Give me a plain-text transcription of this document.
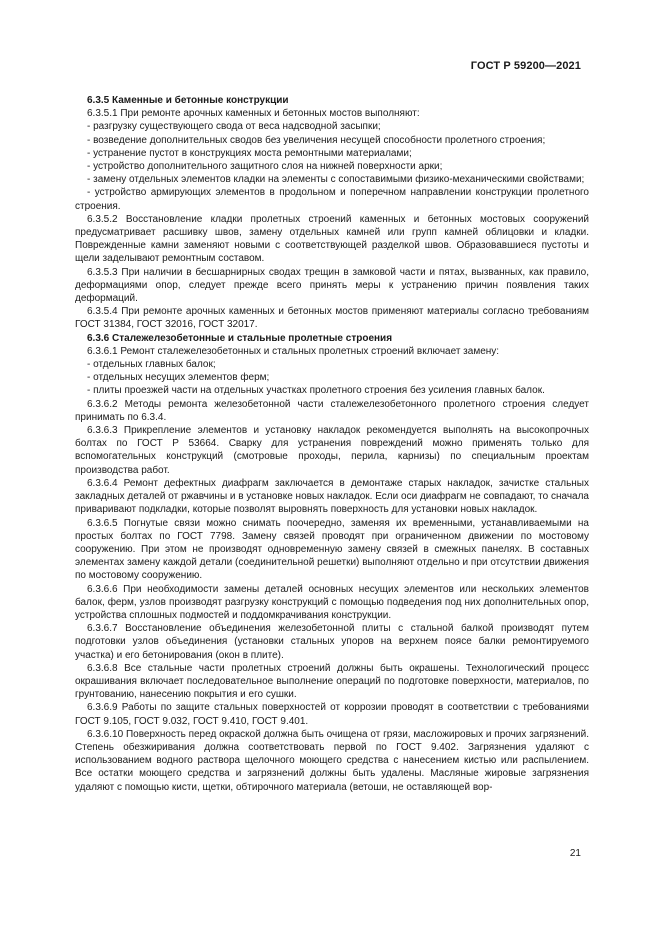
ГОСТ Р 59200—2021

6.3.5 Каменные и бетонные конструкции

6.3.5.1 При ремонте арочных каменных и бетонных мостов выполняют:

- разгрузку существующего свода от веса надсводной засыпки;

- возведение дополнительных сводов без увеличения несущей способности пролетного строения;

- устранение пустот в конструкциях моста ремонтными материалами;

- устройство дополнительного защитного слоя на нижней поверхности арки;

- замену отдельных элементов кладки на элементы с сопоставимыми физико-механическими свойствами;

- устройство армирующих элементов в продольном и поперечном направлении конструкции пролетного строения.

6.3.5.2 Восстановление кладки пролетных строений каменных и бетонных мостовых сооружений предусматривает расшивку швов, замену отдельных камней или групп камней облицовки и кладки. Поврежденные камни заменяют новыми с соответствующей разделкой швов. Образовавшиеся пустоты и щели заделывают ремонтным составом.

6.3.5.3 При наличии в бесшарнирных сводах трещин в замковой части и пятах, вызванных, как правило, деформациями опор, следует прежде всего принять меры к устранению причин появления таких деформаций.

6.3.5.4 При ремонте арочных каменных и бетонных мостов применяют материалы согласно требованиям ГОСТ 31384, ГОСТ 32016, ГОСТ 32017.

6.3.6 Сталежелезобетонные и стальные пролетные строения

6.3.6.1 Ремонт сталежелезобетонных и стальных пролетных строений включает замену:

- отдельных главных балок;

- отдельных несущих элементов ферм;

- плиты проезжей части на отдельных участках пролетного строения без усиления главных балок.

6.3.6.2 Методы ремонта железобетонной части сталежелезобетонного пролетного строения следует принимать по 6.3.4.

6.3.6.3 Прикрепление элементов и установку накладок рекомендуется выполнять на высокопрочных болтах по ГОСТ Р 53664. Сварку для устранения повреждений можно применять только для вспомогательных конструкций (смотровые проходы, перила, карнизы) по специальным проектам производства работ.

6.3.6.4 Ремонт дефектных диафрагм заключается в демонтаже старых накладок, зачистке стальных закладных деталей от ржавчины и в установке новых накладок. Если оси диафрагм не совпадают, то сначала приваривают подкладки, которые позволят выровнять поверхность для установки новых накладок.

6.3.6.5 Погнутые связи можно снимать поочередно, заменяя их временными, устанавливаемыми на простых болтах по ГОСТ 7798. Замену связей проводят при ограниченном движении по мостовому сооружению. При этом не производят одновременную замену связей в смежных панелях. В составных элементах замену каждой детали (соединительной решетки) выполняют отдельно и при отсутствии движения по мостовому сооружению.

6.3.6.6 При необходимости замены деталей основных несущих элементов или нескольких элементов балок, ферм, узлов производят разгрузку конструкций с помощью подведения под них дополнительных опор, устройства сплошных подмостей и поддомкрачивания конструкции.

6.3.6.7 Восстановление объединения железобетонной плиты с стальной балкой производят путем подготовки узлов объединения (установки стальных упоров на верхнем поясе балки ремонтируемого участка) и его бетонирования (окон в плите).

6.3.6.8 Все стальные части пролетных строений должны быть окрашены. Технологический процесс окрашивания включает последовательное выполнение операций по подготовке поверхности, материалов, по грунтованию, нанесению покрытия и его сушки.

6.3.6.9 Работы по защите стальных поверхностей от коррозии проводят в соответствии с требованиями ГОСТ 9.105, ГОСТ 9.032, ГОСТ 9.410, ГОСТ 9.401.

6.3.6.10 Поверхность перед окраской должна быть очищена от грязи, масложировых и прочих загрязнений. Степень обезжиривания должна соответствовать первой по ГОСТ 9.402. Загрязнения удаляют с использованием водного раствора щелочного моющего средства с нанесением кистью или распылением. Все остатки моющего средства и загрязнений должны быть удалены. Масляные жировые загрязнения удаляют с помощью кисти, щетки, обтирочного материала (ветоши, не оставляющей вор-

21
